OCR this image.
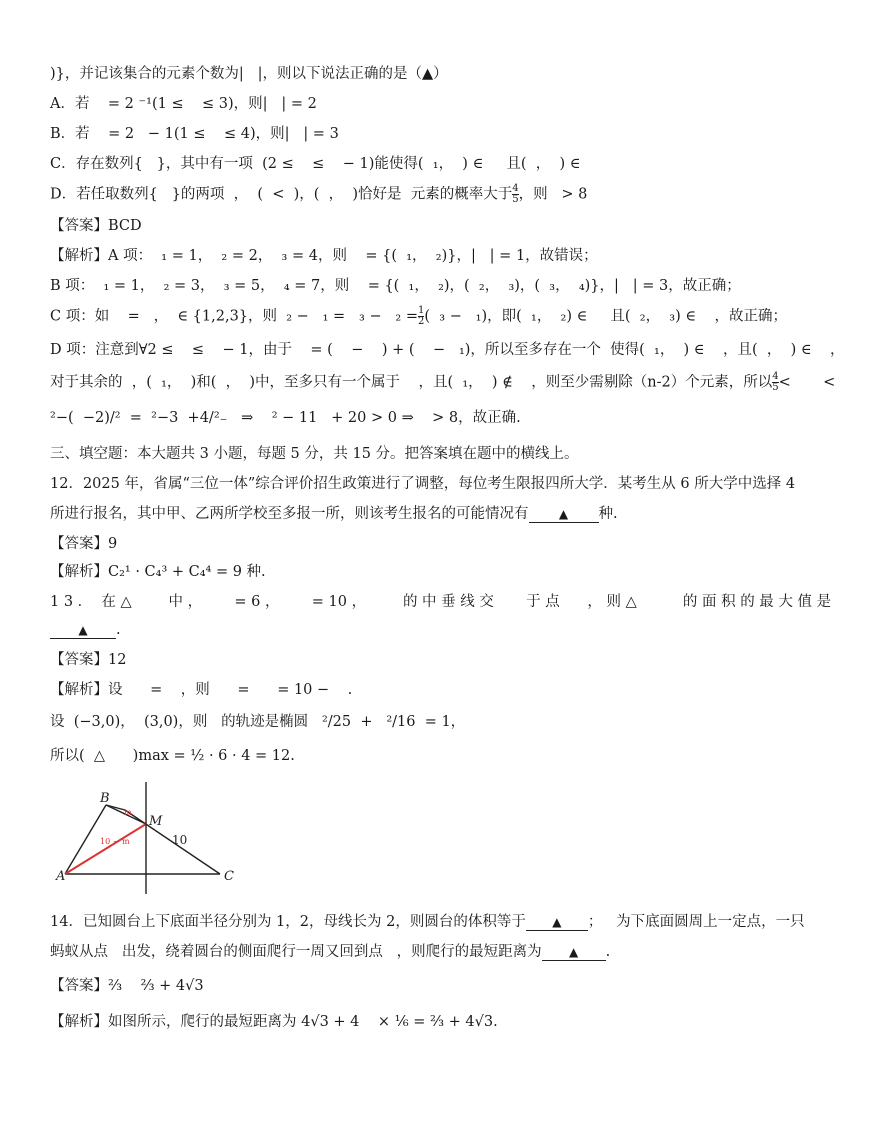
)}，并记该集合的元素个数为|   |，则以下说法正确的是（▲）
A．若    = 2 ⁻¹(1 ≤    ≤ 3)，则|   | = 2
B．若    = 2   − 1(1 ≤    ≤ 4)，则|   | = 3
C．存在数列{   }，其中有一项  (2 ≤    ≤    − 1)能使得(  ₁，  ) ∈     且(  ，  ) ∈
D．若任取数列{   }的两项  ，  (  <  )，(  ，  )恰好是  元素的概率大于 $\frac{4}{5}$ ，则   > 8
【答案】BCD
【解析】A 项：  ₁ = 1，  ₂ = 2，  ₃ = 4，则    = {(  ₁，  ₂)}，|   | = 1，故错误；
B 项：  ₁ = 1，  ₂ = 3，  ₃ = 5，  ₄ = 7，则    = {(  ₁，  ₂)，(  ₂，  ₃)，(  ₃，  ₄)}，|   | = 3，故正确；
C 项：如    =   ，  ∈ {1,2,3}，则  $_2 - _1 = _3 - _2 = \frac{1}{2}$ (  ₃ −   ₁)，即(  ₁，  ₂) ∈     且(  ₂，  ₃) ∈    ，故正确；
D 项：注意到∀2 ≤    ≤    − 1，由于    = (    −    ) + (    −   ₁)，所以至多存在一个  使得(  ₁，  ) ∈    ，且(  ，  ) ∈    ，
对于其余的  ，(  ₁，  )和(  ，  )中，至多只有一个属于    ，且(  ₁，  ) ∉    ，则至少需剔除（n-2）个元素，所以 $\frac{4}{5}$ <       <
²−(  −2)/²  =  ²−3  +4/²₋   ⇒    ² − 11   + 20 > 0 ⇒    > 8，故正确.
三、填空题：本大题共 3 小题，每题 5 分，共 15 分。把答案填在题中的横线上。
12．2025 年，省属“三位一体”综合评价招生政策进行了调整，每位考生限报四所大学．某考生从 6 所大学中选择 4
所进行报名，其中甲、乙两所学校至多报一所，则该考生报名的可能情况有	▲ 种.
【答案】9
【解析】C₂¹ · C₄³ + C₄⁴ = 9 种.
1 3 ．  在 △        中 ，       = 6 ，       = 10 ，        的 中 垂 线 交       于 点      ， 则 △          的 面 积 的 最 大 值 是
▲ .
【答案】12
【解析】设      =    ，则      =      = 10 −    .
设  (−3,0)，  (3,0)，则   的轨迹是椭圆   ²/25  +   ²/16  = 1，
所以(  △      )max = ½ · 6 · 4 = 12.
B
M
A	C
10
m
10 − m
14．已知圆台上下底面半径分别为 1，2，母线长为 2，则圆台的体积等于 ▲ ；   为下底面圆周上一定点，一只
蚂蚁从点   出发，绕着圆台的侧面爬行一周又回到点   ，则爬行的最短距离为 ▲ .
【答案】⅔    ⅔ + 4√3
【解析】如图所示，爬行的最短距离为 4√3 + 4    × ⅙ = ⅔ + 4√3.
